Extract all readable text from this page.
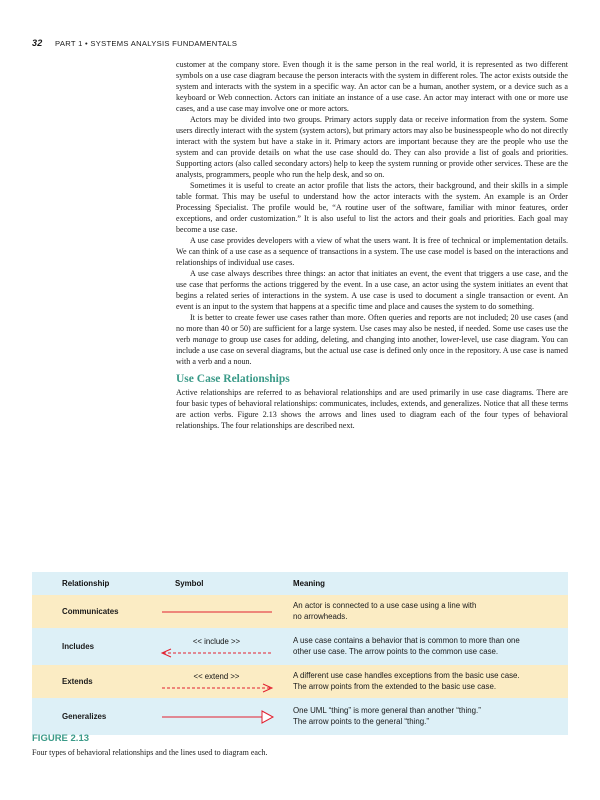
32 PART 1 • SYSTEMS ANALYSIS FUNDAMENTALS

customer at the company store. Even though it is the same person in the real world, it is represented as two different symbols on a use case diagram because the person interacts with the system in different roles. The actor exists outside the system and interacts with the system in a specific way. An actor can be a human, another system, or a device such as a keyboard or Web connection. Actors can initiate an instance of a use case. An actor may interact with one or more use cases, and a use case may involve one or more actors.

Actors may be divided into two groups. Primary actors supply data or receive information from the system. Some users directly interact with the system (system actors), but primary actors may also be businesspeople who do not directly interact with the system but have a stake in it. Primary actors are important because they are the people who use the system and can provide details on what the use case should do. They can also provide a list of goals and priorities. Supporting actors (also called secondary actors) help to keep the system running or provide other services. These are the analysts, programmers, people who run the help desk, and so on.

Sometimes it is useful to create an actor profile that lists the actors, their background, and their skills in a simple table format. This may be useful to understand how the actor interacts with the system. An example is an Order Processing Specialist. The profile would be, “A routine user of the software, familiar with minor features, order exceptions, and order customization.” It is also useful to list the actors and their goals and priorities. Each goal may become a use case.

A use case provides developers with a view of what the users want. It is free of technical or implementation details. We can think of a use case as a sequence of transactions in a system. The use case model is based on the interactions and relationships of individual use cases.

A use case always describes three things: an actor that initiates an event, the event that triggers a use case, and the use case that performs the actions triggered by the event. In a use case, an actor using the system initiates an event that begins a related series of interactions in the system. A use case is used to document a single transaction or event. An event is an input to the system that happens at a specific time and place and causes the system to do something.

It is better to create fewer use cases rather than more. Often queries and reports are not included; 20 use cases (and no more than 40 or 50) are sufficient for a large system. Use cases may also be nested, if needed. Some use cases use the verb manage to group use cases for adding, deleting, and changing into another, lower-level, use case diagram. You can include a use case on several diagrams, but the actual use case is defined only once in the repository. A use case is named with a verb and a noun.

Use Case Relationships

Active relationships are referred to as behavioral relationships and are used primarily in use case diagrams. There are four basic types of behavioral relationships: communicates, includes, extends, and generalizes. Notice that all these terms are action verbs. Figure 2.13 shows the arrows and lines used to diagram each of the four types of behavioral relationships. The four relationships are described next.

Relationship	Symbol	Meaning
Communicates		An actor is connected to a use case using a line with
no arrowheads.

Includes	<< include >>	A use case contains a behavior that is common to more than one
other use case. The arrow points to the common use case.

Extends	<< extend >>	A different use case handles exceptions from the basic use case.
The arrow points from the extended to the basic use case.

Generalizes		One UML “thing” is more general than another “thing.”
The arrow points to the general “thing.”

FIGURE 2.13
Four types of behavioral relationships and the lines used to diagram each.
